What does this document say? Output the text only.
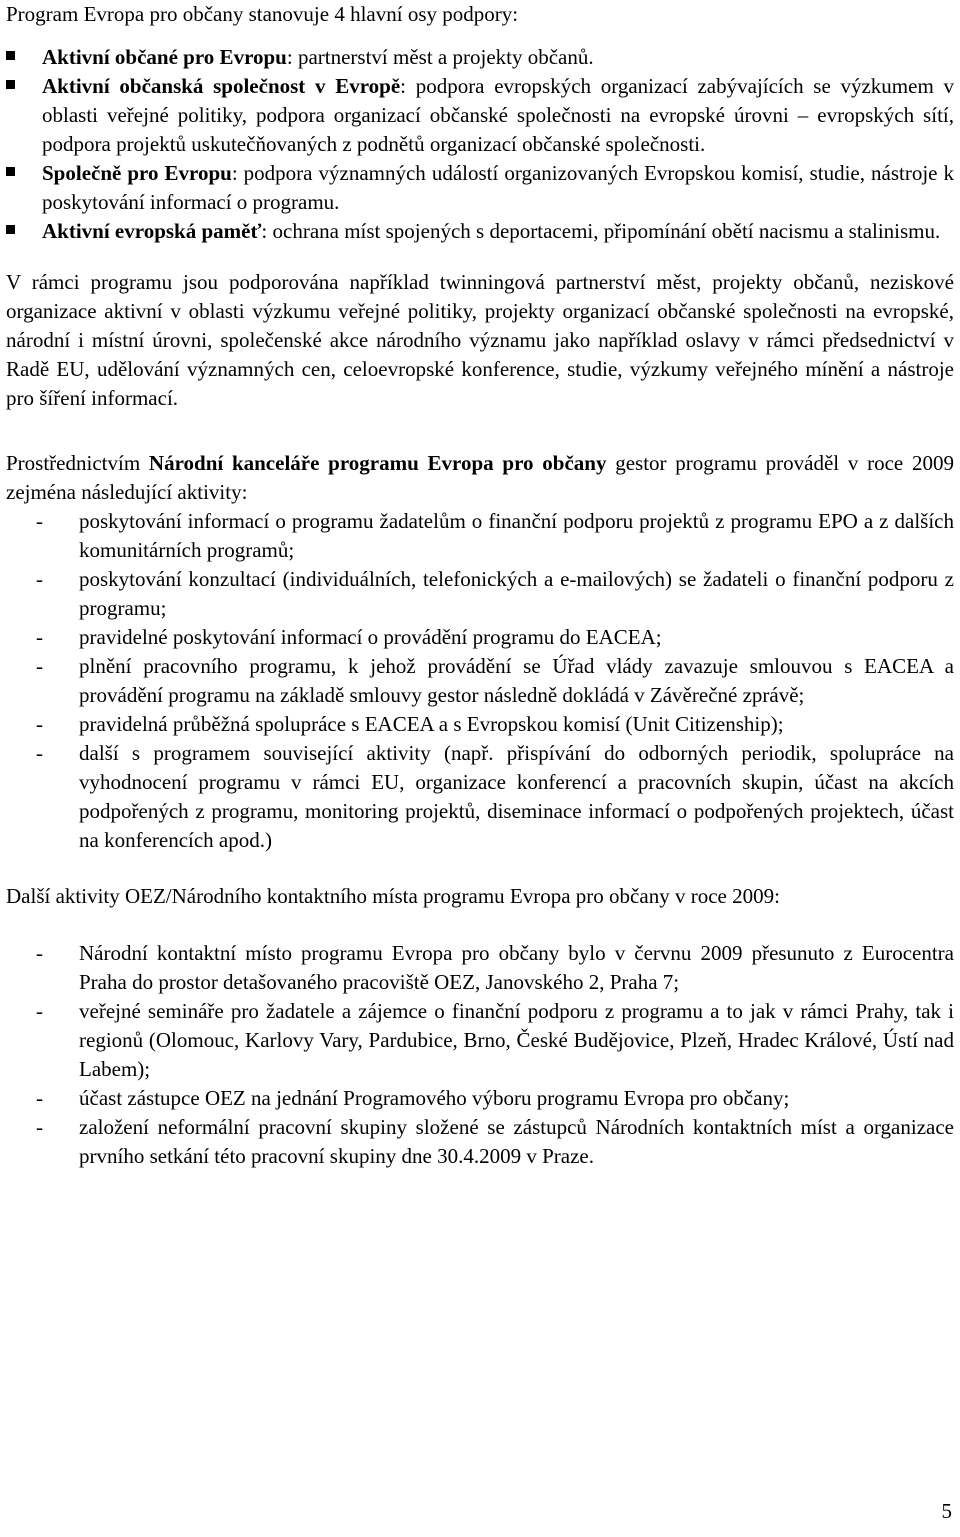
Program Evropa pro občany stanovuje 4 hlavní osy podpory:

Aktivní občané pro Evropu: partnerství měst a projekty občanů.
Aktivní občanská společnost v Evropě: podpora evropských organizací zabývajících se výzkumem v oblasti veřejné politiky, podpora organizací občanské společnosti na evropské úrovni – evropských sítí, podpora projektů uskutečňovaných z podnětů organizací občanské společnosti.
Společně pro Evropu: podpora významných událostí organizovaných Evropskou komisí, studie, nástroje k poskytování informací o programu.
Aktivní evropská paměť: ochrana míst spojených s deportacemi, připomínání obětí nacismu a stalinismu.

V rámci programu jsou podporována například twinningová partnerství měst, projekty občanů, neziskové organizace aktivní v oblasti výzkumu veřejné politiky, projekty organizací občanské společnosti na evropské, národní i místní úrovni, společenské akce národního významu jako například oslavy v rámci předsednictví v Radě EU, udělování významných cen, celoevropské konference, studie, výzkumy veřejného mínění a nástroje pro šíření informací.

Prostřednictvím Národní kanceláře programu Evropa pro občany gestor programu prováděl v roce 2009 zejména následující aktivity:

- poskytování informací o programu žadatelům o finanční podporu projektů z programu EPO a z dalších komunitárních programů;
- poskytování konzultací (individuálních, telefonických a e-mailových) se žadateli o finanční podporu z programu;
- pravidelné poskytování informací o provádění programu do EACEA;
- plnění pracovního programu, k jehož provádění se Úřad vlády zavazuje smlouvou s EACEA a provádění programu na základě smlouvy gestor následně dokládá v Závěrečné zprávě;
- pravidelná průběžná spolupráce s EACEA a s Evropskou komisí (Unit Citizenship);
- další s programem související aktivity (např. přispívání do odborných periodik, spolupráce na vyhodnocení programu v rámci EU, organizace konferencí a pracovních skupin, účast na akcích podpořených z programu, monitoring projektů, diseminace informací o podpořených projektech, účast na konferencích apod.)

Další aktivity OEZ/Národního kontaktního místa programu Evropa pro občany v roce 2009:

- Národní kontaktní místo programu Evropa pro občany bylo v červnu 2009 přesunuto z Eurocentra Praha do prostor detašovaného pracoviště OEZ, Janovského 2, Praha 7;
- veřejné semináře pro žadatele a zájemce o finanční podporu z programu a to jak v rámci Prahy, tak i regionů (Olomouc, Karlovy Vary, Pardubice, Brno, České Budějovice, Plzeň, Hradec Králové, Ústí nad Labem);
- účast zástupce OEZ na jednání Programového výboru programu Evropa pro občany;
- založení neformální pracovní skupiny složené se zástupců Národních kontaktních míst a organizace prvního setkání této pracovní skupiny dne 30.4.2009 v Praze.
5
